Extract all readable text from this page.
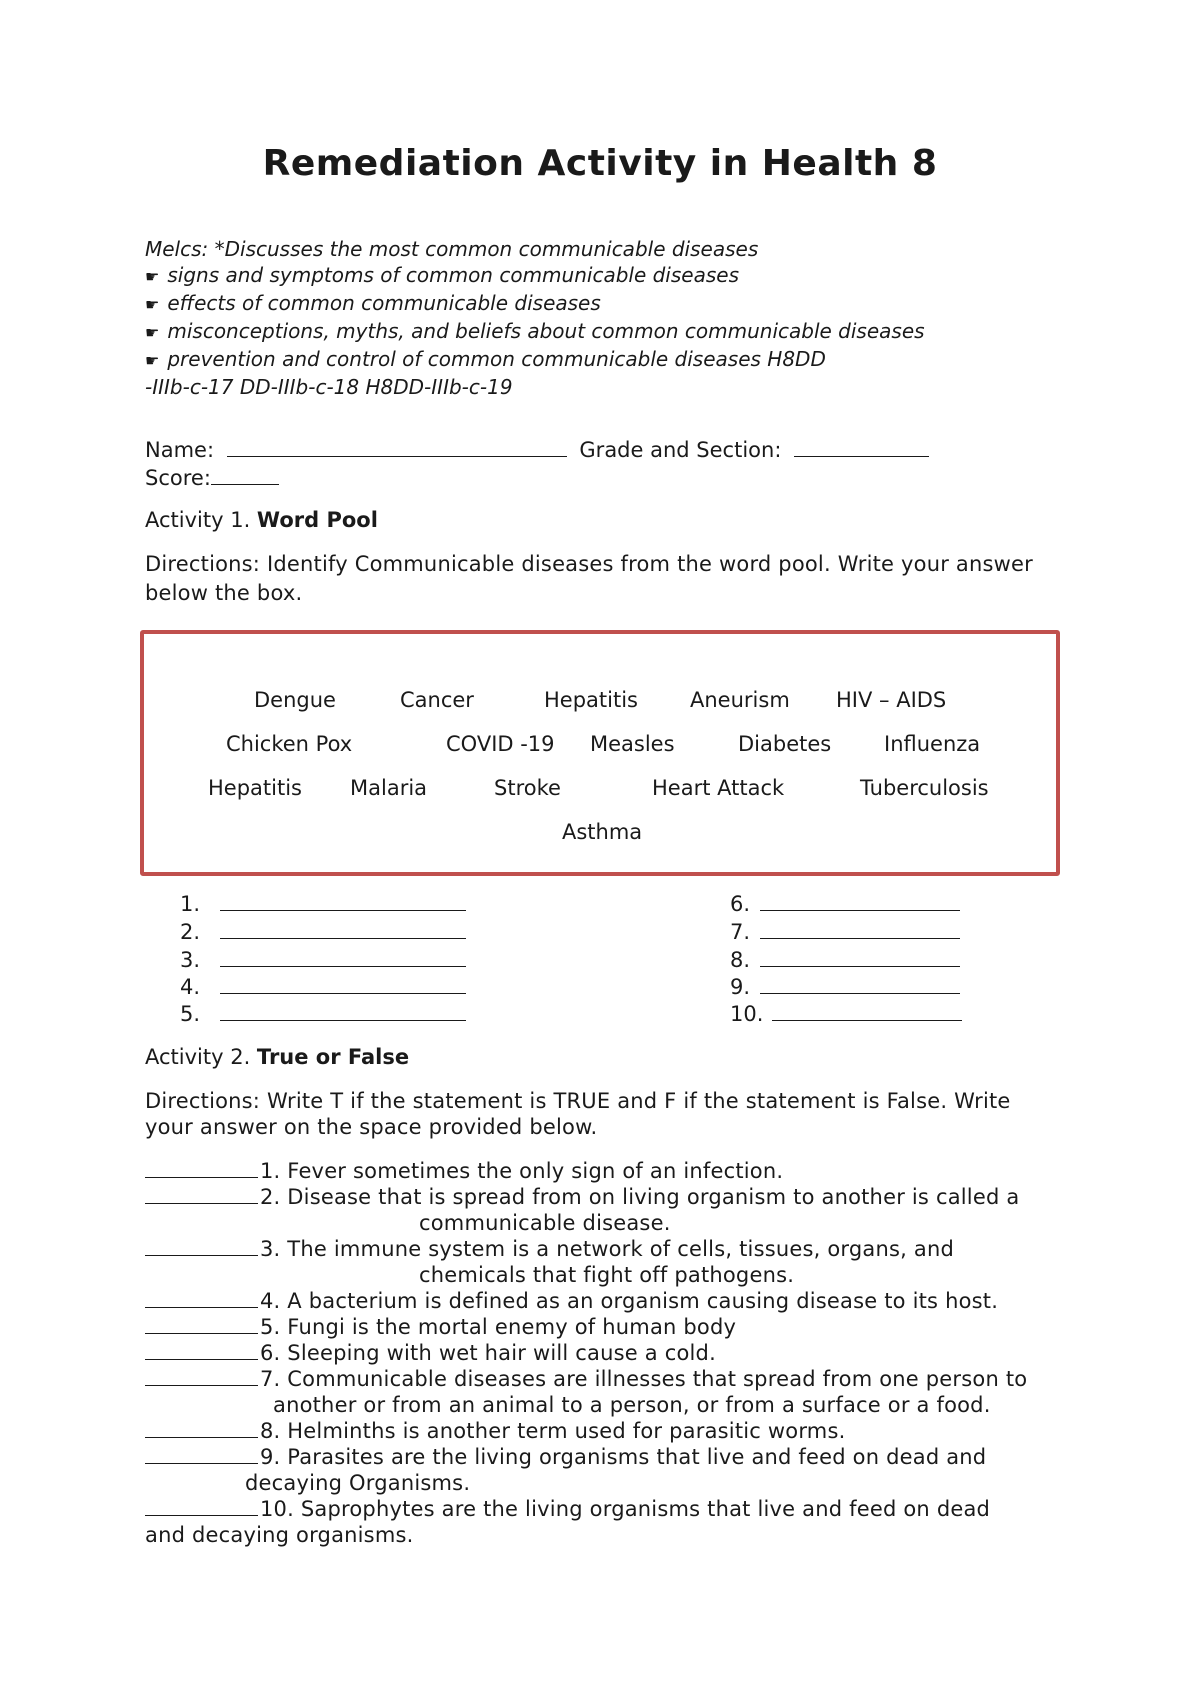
Remediation Activity in Health 8
Melcs: *Discusses the most common communicable diseases
☛ signs and symptoms of common communicable diseases
☛ effects of common communicable diseases
☛ misconceptions, myths, and beliefs about common communicable diseases
☛ prevention and control of common communicable diseases H8DD
-IIIb-c-17 DD-IIIb-c-18 H8DD-IIIb-c-19
Name:	Grade and Section:
Score:
Activity 1. Word Pool
Directions: Identify Communicable diseases from the word pool. Write your answer below the box.
Dengue	Cancer	Hepatitis Aneurism HIV – AIDS
Chicken Pox	COVID -19 Measles	Diabetes	Influenza
Hepatitis Malaria	Stroke	Heart Attack	Tuberculosis
Asthma
1.
2.
3.
4.
5.
6.
7.
8.
9.
10.
Activity 2. True or False
Directions: Write T if the statement is TRUE and F if the statement is False. Write your answer on the space provided below.
1. Fever sometimes the only sign of an infection.
2. Disease that is spread from on living organism to another is called a
communicable disease.
3. The immune system is a network of cells, tissues, organs, and
chemicals that fight off pathogens.
4. A bacterium is defined as an organism causing disease to its host.
5. Fungi is the mortal enemy of human body
6. Sleeping with wet hair will cause a cold.
7. Communicable diseases are illnesses that spread from one person to
another or from an animal to a person, or from a surface or a food.
8. Helminths is another term used for parasitic worms.
9. Parasites are the living organisms that live and feed on dead and
decaying Organisms.
10. Saprophytes are the living organisms that live and feed on dead
and decaying organisms.
